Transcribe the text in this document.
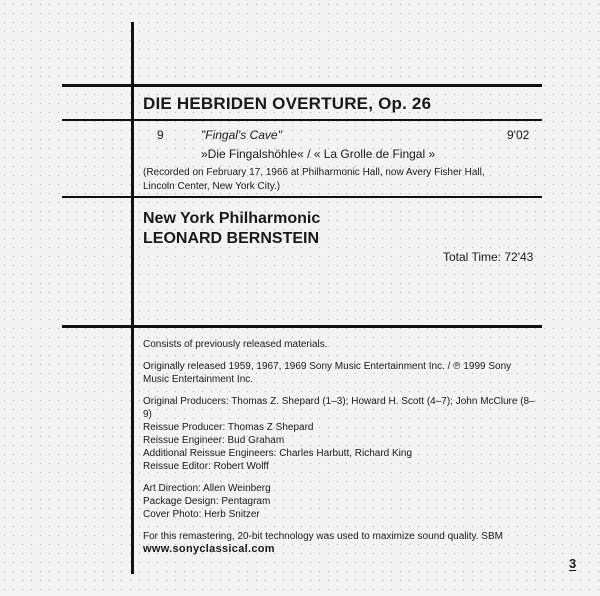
DIE HEBRIDEN OVERTURE, Op. 26
9	"Fingal's Cave"	9'02
»Die Fingalshöhle« / « La Grolle de Fingal »
(Recorded on February 17, 1966 at Philharmonic Hall, now Avery Fisher Hall,
Lincoln Center, New York City.)
New York Philharmonic
LEONARD BERNSTEIN
Total Time: 72'43

Consists of previously released materials.

Originally released 1959, 1967, 1969 Sony Music Entertainment Inc. / ℗ 1999 Sony
Music Entertainment Inc.

Original Producers: Thomas Z. Shepard (1–3); Howard H. Scott (4–7); John McClure (8–9)
Reissue Producer: Thomas Z Shepard
Reissue Engineer: Bud Graham
Additional Reissue Engineers: Charles Harbutt, Richard King
Reissue Editor: Robert Wolff

Art Direction: Allen Weinberg
Package Design: Pentagram
Cover Photo: Herb Snitzer

For this remastering, 20-bit technology was used to maximize sound quality. SBM

www.sonyclassical.com
3
